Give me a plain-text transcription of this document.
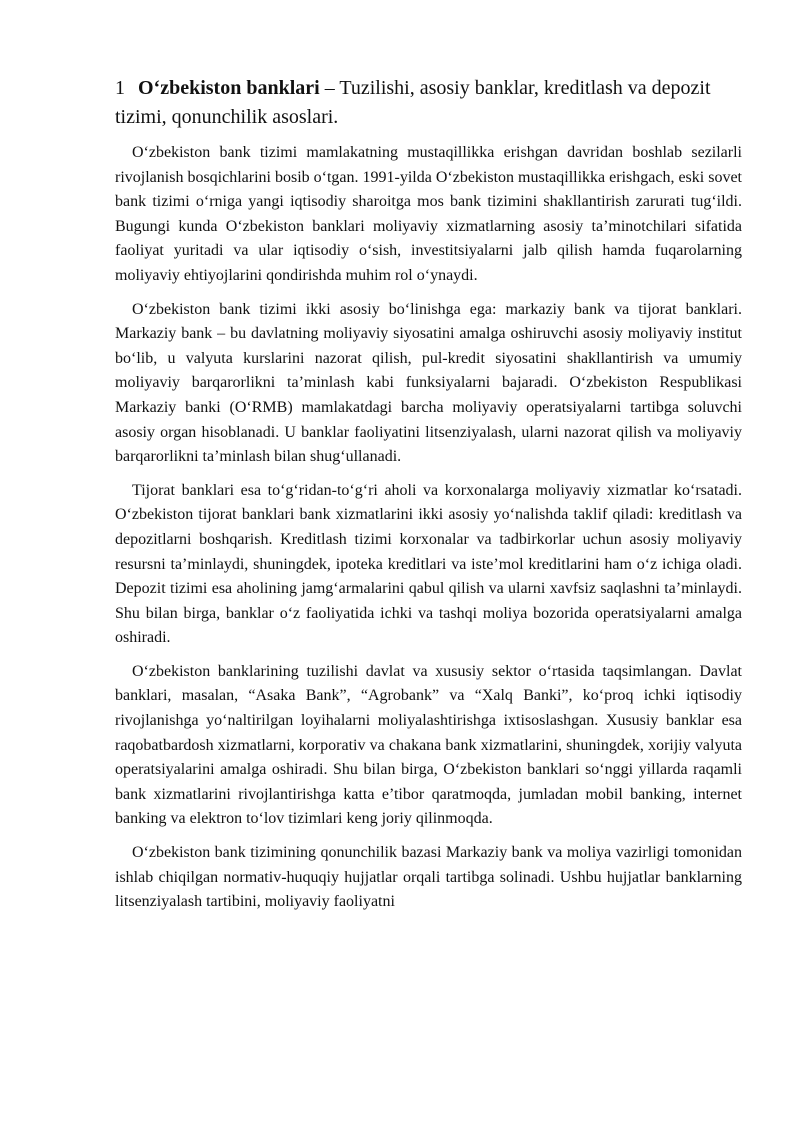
1 O‘zbekiston banklari – Tuzilishi, asosiy banklar, kreditlash va depozit tizimi, qonunchilik asoslari.

O‘zbekiston bank tizimi mamlakatning mustaqillikka erishgan davridan boshlab sezilarli rivojlanish bosqichlarini bosib o‘tgan. 1991-yilda O‘zbekiston mustaqillikka erishgach, eski sovet bank tizimi o‘rniga yangi iqtisodiy sharoitga mos bank tizimini shakllantirish zarurati tug‘ildi. Bugungi kunda O‘zbekiston banklari moliyaviy xizmatlarning asosiy ta’minotchilari sifatida faoliyat yuritadi va ular iqtisodiy o‘sish, investitsiyalarni jalb qilish hamda fuqarolarning moliyaviy ehtiyojlarini qondirishda muhim rol o‘ynaydi.

O‘zbekiston bank tizimi ikki asosiy bo‘linishga ega: markaziy bank va tijorat banklari. Markaziy bank – bu davlatning moliyaviy siyosatini amalga oshiruvchi asosiy moliyaviy institut bo‘lib, u valyuta kurslarini nazorat qilish, pul-kredit siyosatini shakllantirish va umumiy moliyaviy barqarorlikni ta’minlash kabi funksiyalarni bajaradi. O‘zbekiston Respublikasi Markaziy banki (O‘RMB) mamlakatdagi barcha moliyaviy operatsiyalarni tartibga soluvchi asosiy organ hisoblanadi. U banklar faoliyatini litsenziyalash, ularni nazorat qilish va moliyaviy barqarorlikni ta’minlash bilan shug‘ullanadi.

Tijorat banklari esa to‘g‘ridan-to‘g‘ri aholi va korxonalarga moliyaviy xizmatlar ko‘rsatadi. O‘zbekiston tijorat banklari bank xizmatlarini ikki asosiy yo‘nalishda taklif qiladi: kreditlash va depozitlarni boshqarish. Kreditlash tizimi korxonalar va tadbirkorlar uchun asosiy moliyaviy resursni ta’minlaydi, shuningdek, ipoteka kreditlari va iste’mol kreditlarini ham o‘z ichiga oladi. Depozit tizimi esa aholining jamg‘armalarini qabul qilish va ularni xavfsiz saqlashni ta’minlaydi. Shu bilan birga, banklar o‘z faoliyatida ichki va tashqi moliya bozorida operatsiyalarni amalga oshiradi.

O‘zbekiston banklarining tuzilishi davlat va xususiy sektor o‘rtasida taqsimlangan. Davlat banklari, masalan, “Asaka Bank”, “Agrobank” va “Xalq Banki”, ko‘proq ichki iqtisodiy rivojlanishga yo‘naltirilgan loyihalarni moliyalashtirishga ixtisoslashgan. Xususiy banklar esa raqobatbardosh xizmatlarni, korporativ va chakana bank xizmatlarini, shuningdek, xorijiy valyuta operatsiyalarini amalga oshiradi. Shu bilan birga, O‘zbekiston banklari so‘nggi yillarda raqamli bank xizmatlarini rivojlantirishga katta e’tibor qaratmoqda, jumladan mobil banking, internet banking va elektron to‘lov tizimlari keng joriy qilinmoqda.

O‘zbekiston bank tizimining qonunchilik bazasi Markaziy bank va moliya vazirligi tomonidan ishlab chiqilgan normativ-huquqiy hujjatlar orqali tartibga solinadi. Ushbu hujjatlar banklarning litsenziyalash tartibini, moliyaviy faoliyatni
